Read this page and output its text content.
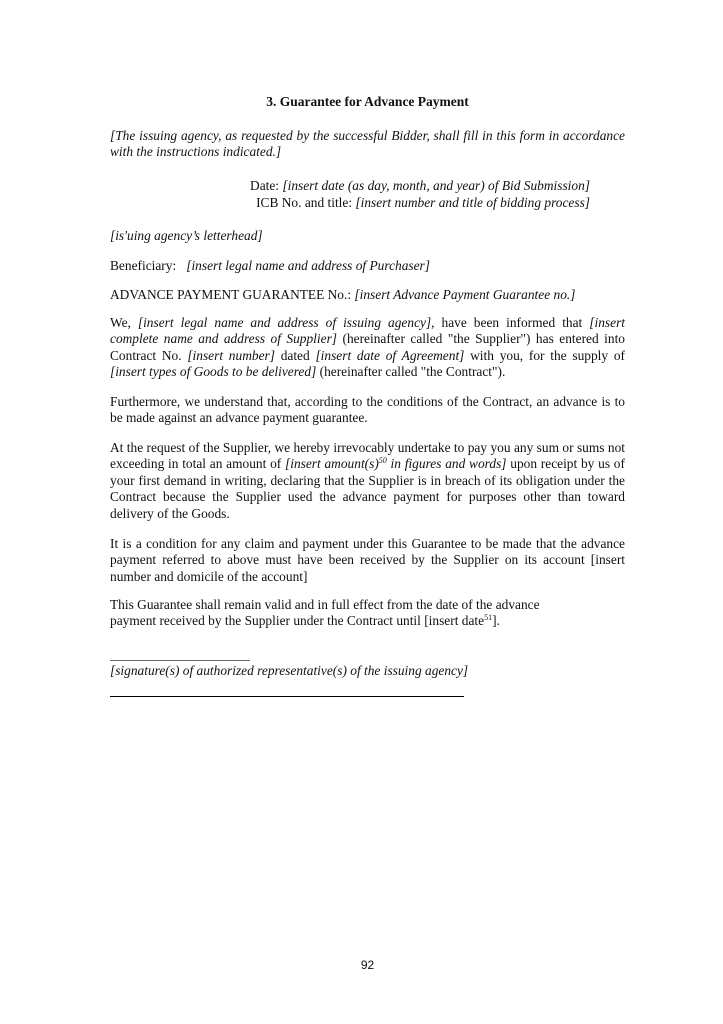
3. Guarantee for Advance Payment

[The issuing agency, as requested by the successful Bidder, shall fill in this form in accordance with the instructions indicated.]

Date: [insert date (as day, month, and year) of Bid Submission]
ICB No. and title: [insert number and title of bidding process]

[is'uing agency’s letterhead]

Beneficiary: [insert legal name and address of Purchaser]

ADVANCE PAYMENT GUARANTEE No.: [insert Advance Payment Guarantee no.]

We, [insert legal name and address of issuing agency], have been informed that [insert complete name and address of Supplier] (hereinafter called "the Supplier") has entered into Contract No. [insert number] dated [insert date of Agreement] with you, for the supply of [insert types of Goods to be delivered] (hereinafter called "the Contract").

Furthermore, we understand that, according to the conditions of the Contract, an advance is to be made against an advance payment guarantee.

At the request of the Supplier, we hereby irrevocably undertake to pay you any sum or sums not exceeding in total an amount of [insert $amount(s)^{50}$ in figures and words] upon receipt by us of your first demand in writing, declaring that the Supplier is in breach of its obligation under the Contract because the Supplier used the advance payment for purposes other than toward delivery of the Goods.

It is a condition for any claim and payment under this Guarantee to be made that the advance payment referred to above must have been received by the Supplier on its account [insert number and domicile of the account]

This Guarantee shall remain valid and in full effect from the date of the advance
payment received by the Supplier under the Contract until [insert date$^{51}$].

[signature(s) of authorized representative(s) of the issuing agency]

92
